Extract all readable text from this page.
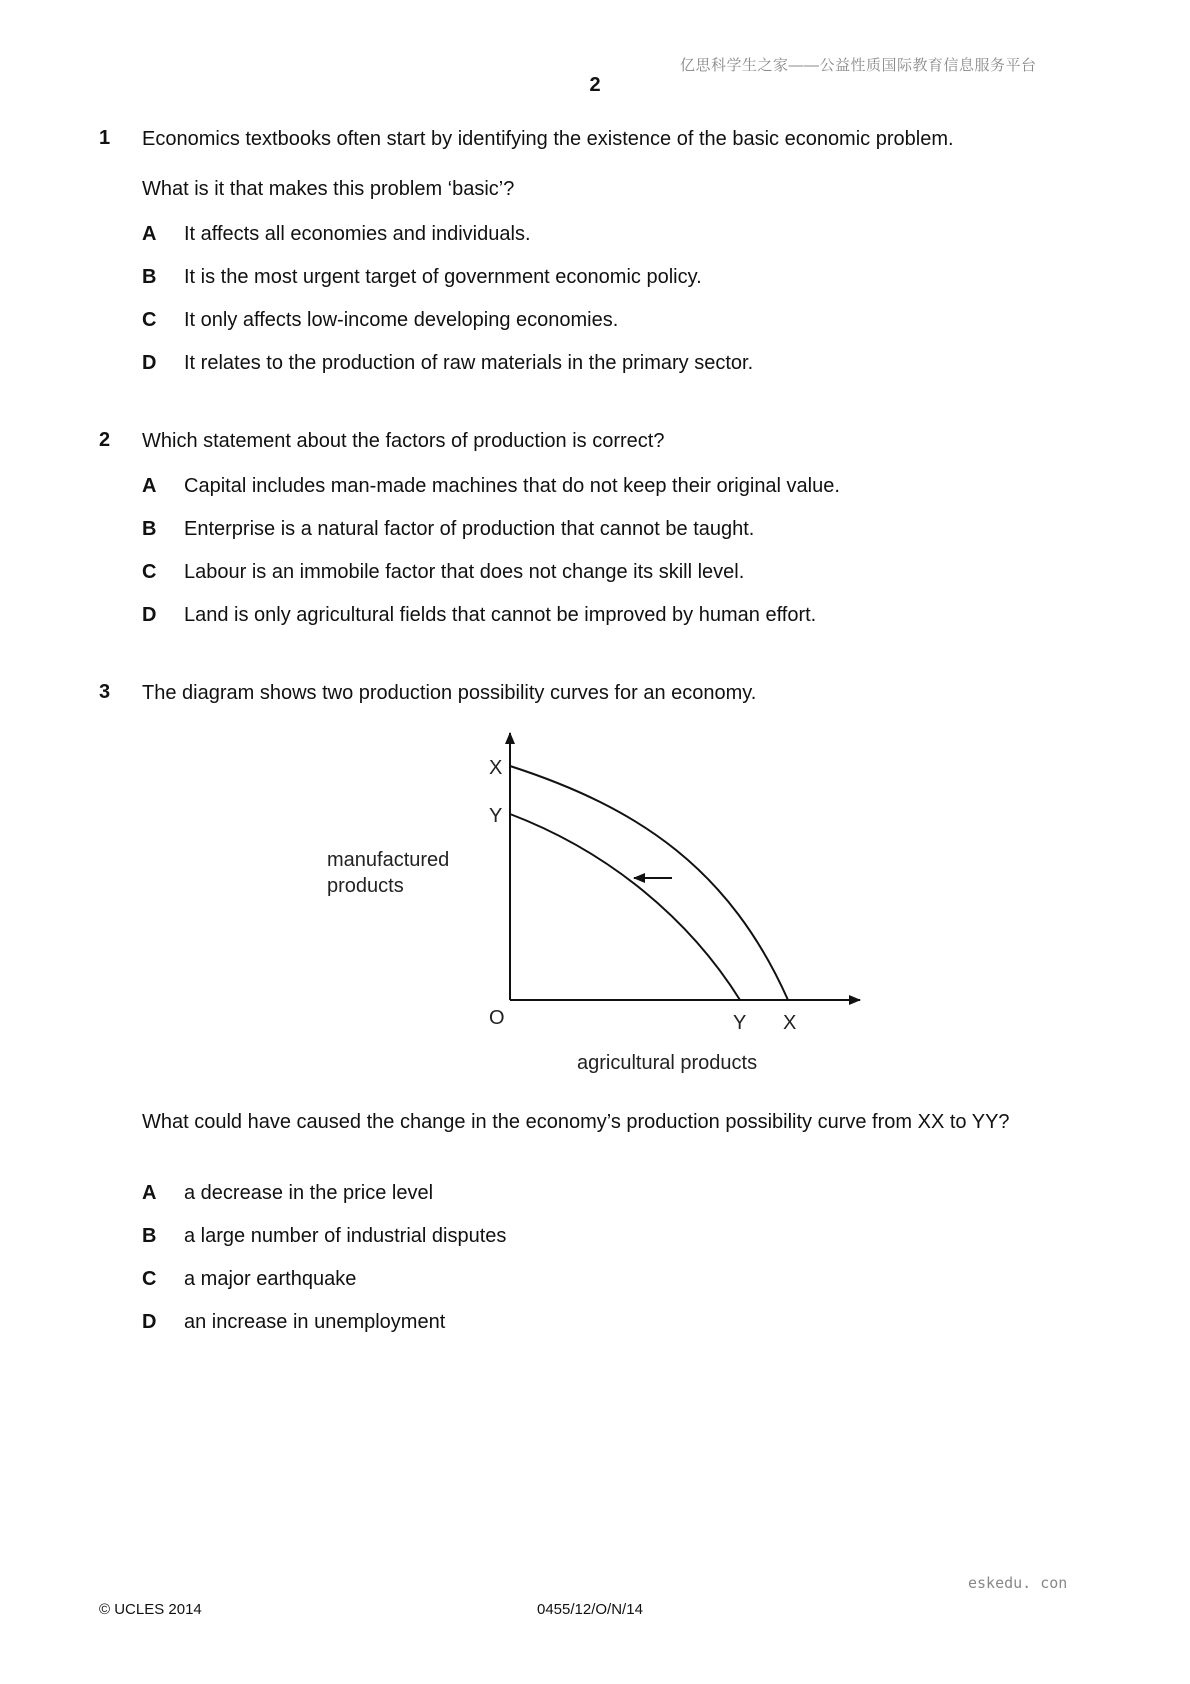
亿思科学生之家——公益性质国际教育信息服务平台
2
1 Economics textbooks often start by identifying the existence of the basic economic problem.
What is it that makes this problem ‘basic’?
A It affects all economies and individuals.
B It is the most urgent target of government economic policy.
C It only affects low-income developing economies.
D It relates to the production of raw materials in the primary sector.
2 Which statement about the factors of production is correct?
A Capital includes man-made machines that do not keep their original value.
B Enterprise is a natural factor of production that cannot be taught.
C Labour is an immobile factor that does not change its skill level.
D Land is only agricultural fields that cannot be improved by human effort.
3 The diagram shows two production possibility curves for an economy.
X
Y
O	Y X
manufactured
products
agricultural products
What could have caused the change in the economy’s production possibility curve from XX to YY?
A a decrease in the price level
B a large number of industrial disputes
C a major earthquake
D an increase in unemployment
eskedu. con
© UCLES 2014	0455/12/O/N/14
